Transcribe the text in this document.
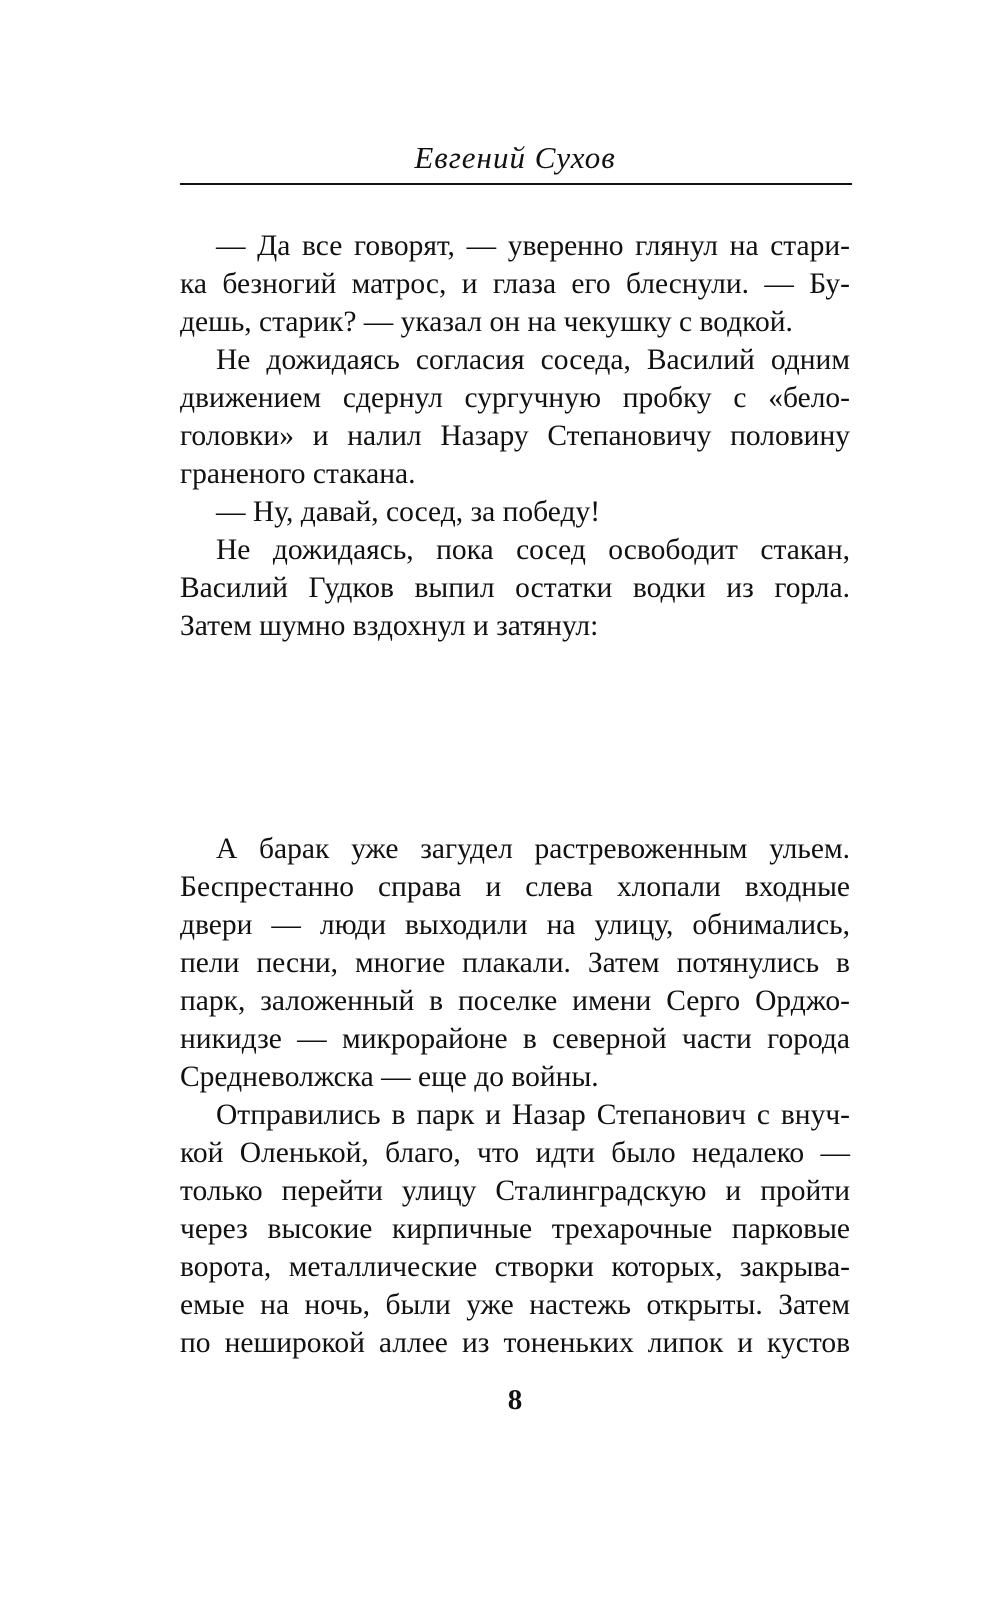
Евгений Сухов
— Да все говорят, — уверенно глянул на стари-
ка безногий матрос, и глаза его блеснули. — Бу-
дешь, старик? — указал он на чекушку с водкой.
Не дожидаясь согласия соседа, Василий одним
движением сдернул сургучную пробку с «бело-
головки» и налил Назару Степановичу половину
граненого стакана.
— Ну, давай, сосед, за победу!
Не дожидаясь, пока сосед освободит стакан,
Василий Гудков выпил остатки водки из горла.
Затем шумно вздохнул и затянул:
А барак уже загудел растревоженным ульем.
Беспрестанно справа и слева хлопали входные
двери — люди выходили на улицу, обнимались,
пели песни, многие плакали. Затем потянулись в
парк, заложенный в поселке имени Серго Орджо-
никидзе — микрорайоне в северной части города
Средневолжска — еще до войны.
Отправились в парк и Назар Степанович с внуч-
кой Оленькой, благо, что идти было недалеко —
только перейти улицу Сталинградскую и пройти
через высокие кирпичные трехарочные парковые
ворота, металлические створки которых, закрыва-
емые на ночь, были уже настежь открыты. Затем
по неширокой аллее из тоненьких липок и кустов
8
